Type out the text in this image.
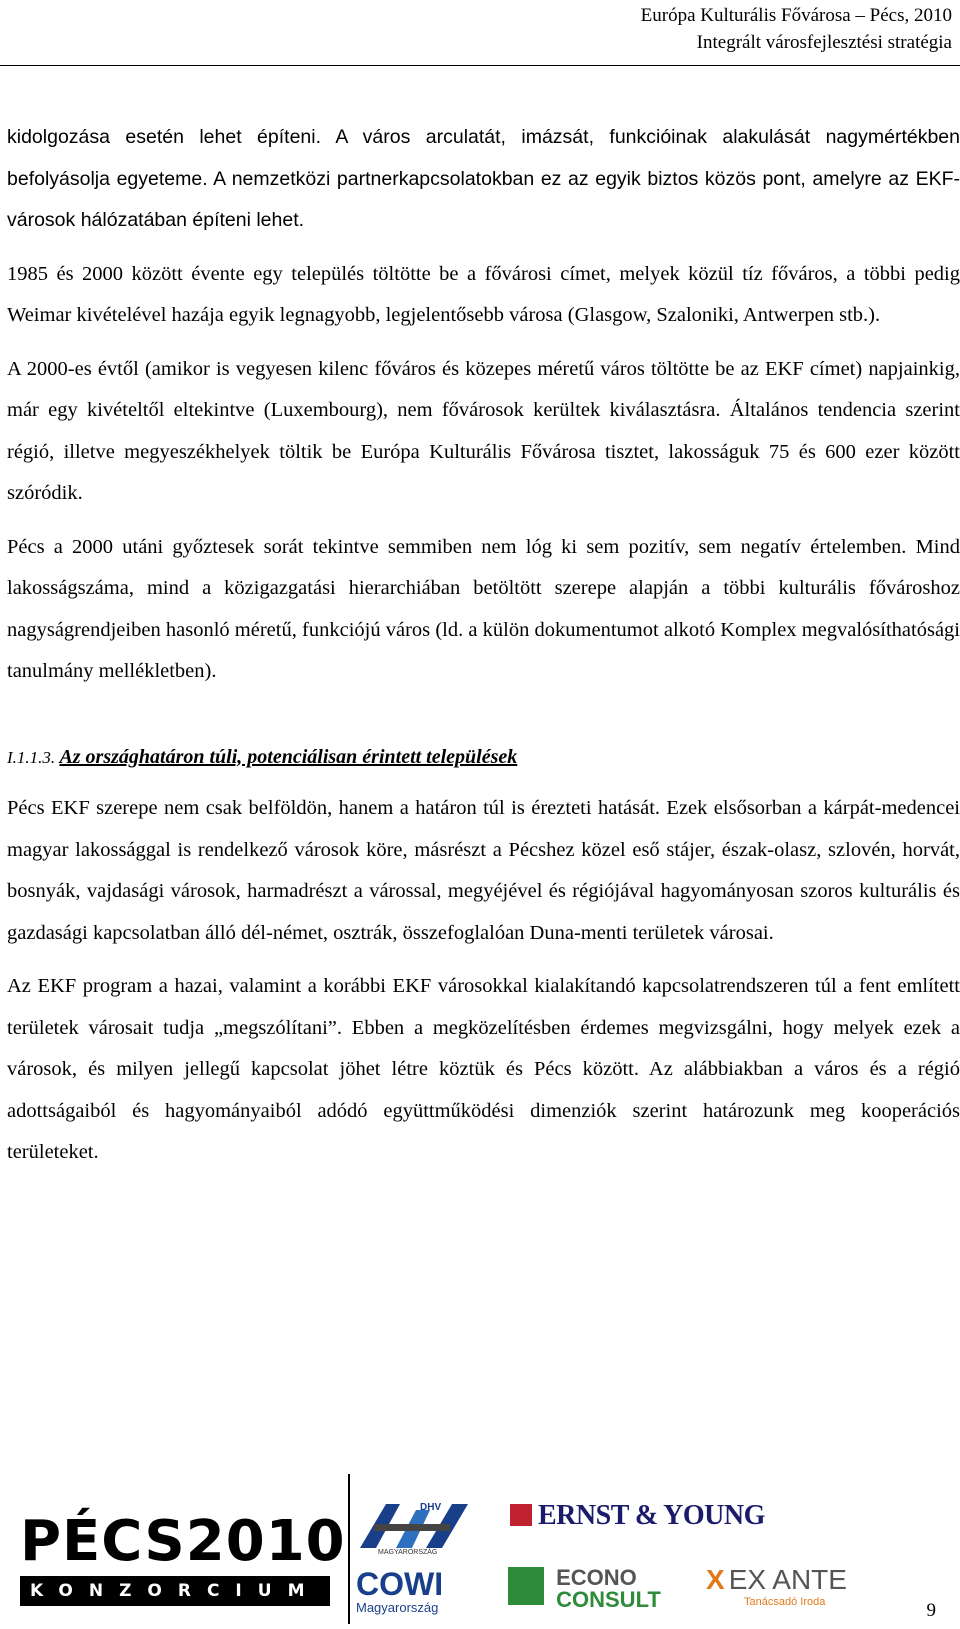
Európa Kulturális Fővárosa – Pécs, 2010
Integrált városfejlesztési stratégia

kidolgozása esetén lehet építeni. A város arculatát, imázsát, funkcióinak alakulását nagymértékben befolyásolja egyeteme. A nemzetközi partnerkapcsolatokban ez az egyik biztos közös pont, amelyre az EKF-városok hálózatában építeni lehet.

1985 és 2000 között évente egy település töltötte be a fővárosi címet, melyek közül tíz főváros, a többi pedig Weimar kivételével hazája egyik legnagyobb, legjelentősebb városa (Glasgow, Szaloniki, Antwerpen stb.).

A 2000-es évtől (amikor is vegyesen kilenc főváros és közepes méretű város töltötte be az EKF címet) napjainkig, már egy kivételtől eltekintve (Luxembourg), nem fővárosok kerültek kiválasztásra. Általános tendencia szerint régió, illetve megyeszékhelyek töltik be Európa Kulturális Fővárosa tisztet, lakosságuk 75 és 600 ezer között szóródik.

Pécs a 2000 utáni győztesek sorát tekintve semmiben nem lóg ki sem pozitív, sem negatív értelemben. Mind lakosságszáma, mind a közigazgatási hierarchiában betöltött szerepe alapján a többi kulturális fővároshoz nagyságrendjeiben hasonló méretű, funkciójú város (ld. a külön dokumentumot alkotó Komplex megvalósíthatósági tanulmány mellékletben).

I.1.1.3. Az országhatáron túli, potenciálisan érintett települések

Pécs EKF szerepe nem csak belföldön, hanem a határon túl is érezteti hatását. Ezek elsősorban a kárpát-medencei magyar lakossággal is rendelkező városok köre, másrészt a Pécshez közel eső stájer, észak-olasz, szlovén, horvát, bosnyák, vajdasági városok, harmadrészt a várossal, megyéjével és régiójával hagyományosan szoros kulturális és gazdasági kapcsolatban álló dél-német, osztrák, összefoglalóan Duna-menti területek városai.

Az EKF program a hazai, valamint a korábbi EKF városokkal kialakítandó kapcsolatrendszeren túl a fent említett területek városait tudja „megszólítani”. Ebben a megközelítésben érdemes megvizsgálni, hogy melyek ezek a városok, és milyen jellegű kapcsolat jöhet létre köztük és Pécs között. Az alábbiakban a város és a régió adottságaiból és hagyományaiból adódó együttműködési dimenziók szerint határozunk meg kooperációs területeket.

PÉCS2010
KONZORCIUM
DHV
MAGYARORSZÁG
COWI
Magyarország
ERNST & YOUNG
ECONO
CONSULT
X EX ANTE
Tanácsadó Iroda	9
